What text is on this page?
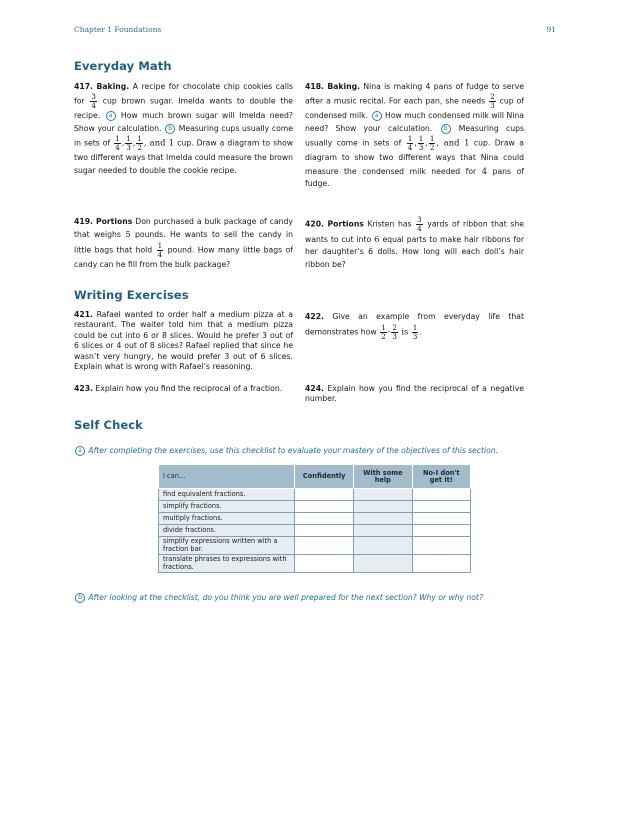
Chapter 1 Foundations	91
Everyday Math
417. Baking. A recipe for chocolate chip cookies calls for $\frac{3}{4}$ cup brown sugar. Imelda wants to double the recipe. a How much brown sugar will Imelda need? Show your calculation. b Measuring cups usually come in sets of $\frac{1}{4}$ , $\frac{1}{3}$ , $\frac{1}{2}$ , and 1 cup. Draw a diagram to show two different ways that Imelda could measure the brown sugar needed to double the cookie recipe.
418. Baking. Nina is making 4 pans of fudge to serve after a music recital. For each pan, she needs $\frac{2}{3}$ cup of condensed milk. a How much condensed milk will Nina need? Show your calculation. b Measuring cups usually come in sets of $\frac{1}{4}$ , $\frac{1}{3}$ , $\frac{1}{2}$ , and 1 cup. Draw a diagram to show two different ways that Nina could measure the condensed milk needed for 4 pans of fudge.
419. Portions Don purchased a bulk package of candy that weighs 5 pounds. He wants to sell the candy in little bags that hold $\frac{1}{4}$ pound. How many little bags of candy can he fill from the bulk package?
420. Portions Kristen has $\frac{3}{4}$ yards of ribbon that she wants to cut into 6 equal parts to make hair ribbons for her daughter’s 6 dolls. How long will each doll’s hair ribbon be?
Writing Exercises
421. Rafael wanted to order half a medium pizza at a restaurant. The waiter told him that a medium pizza could be cut into 6 or 8 slices. Would he prefer 3 out of 6 slices or 4 out of 8 slices? Rafael replied that since he wasn’t very hungry, he would prefer 3 out of 6 slices. Explain what is wrong with Rafael’s reasoning.
422. Give an example from everyday life that demonstrates how $\frac{1}{2} \cdot \frac{2}{3}$ is $\frac{1}{3}$ .
423. Explain how you find the reciprocal of a fraction.	424. Explain how you find the reciprocal of a negative number.
Self Check
a After completing the exercises, use this checklist to evaluate your mastery of the objectives of this section.
I can…	Confidently	With some help	No-I don't get it!
find equivalent fractions.			
simplify fractions.			
multiply fractions.			
divide fractions.			
simplify expressions written with a fraction bar.			
translate phrases to expressions with fractions.			
b After looking at the checklist, do you think you are well prepared for the next section? Why or why not?
